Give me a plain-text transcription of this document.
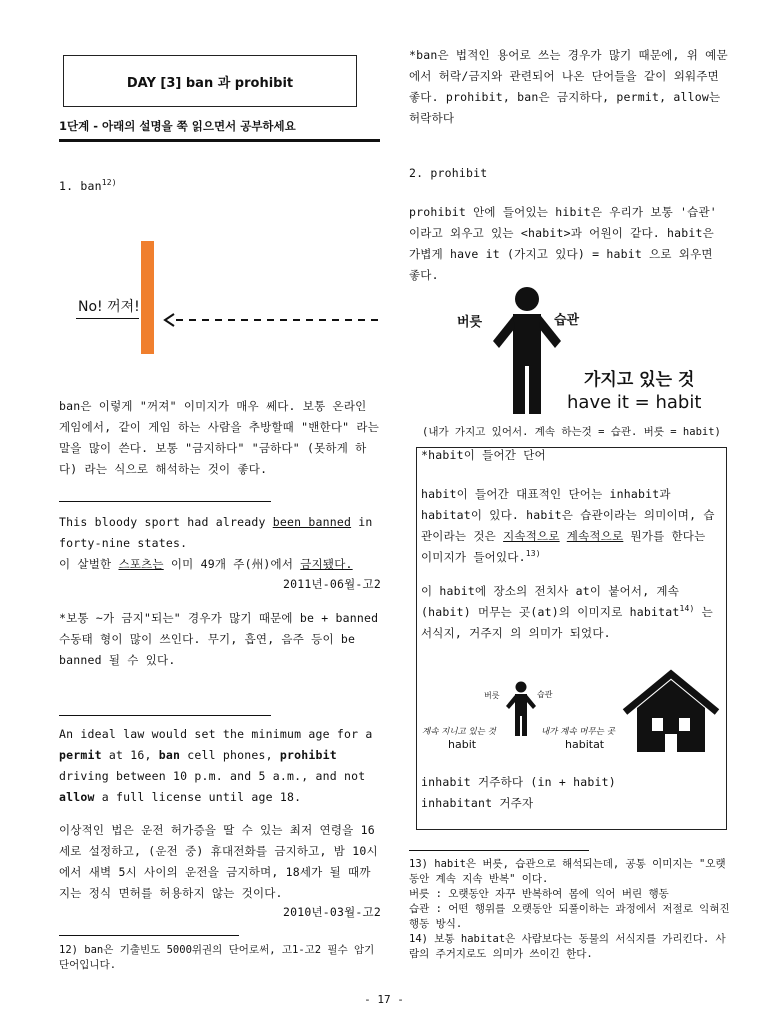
DAY [3] ban 과 prohibit
1단계 - 아래의 설명을 쭉 읽으면서 공부하세요
1. ban$^{12)}$
No! 꺼져!
ban은 이렇게 "꺼져" 이미지가 매우 쎄다. 보통 온라인 게임에서, 같이 게임 하는 사람을 추방할때 "밴한다" 라는 말을 많이 쓴다. 보통 "금지하다" "금하다" (못하게 하다) 라는 식으로 해석하는 것이 좋다.
This bloody sport had already been banned in forty-nine states.
이 살벌한 스포츠는 이미 49개 주(州)에서 금지됐다.
2011년-06월-고2
*보통 ~가 금지"되는" 경우가 많기 때문에 be + banned 수동태 형이 많이 쓰인다. 무기, 흡연, 음주 등이 be banned 될 수 있다.
An ideal law would set the minimum age for a permit at 16, ban cell phones, prohibit driving between 10 p.m. and 5 a.m., and not allow a full license until age 18.
이상적인 법은 운전 허가증을 딸 수 있는 최저 연령을 16세로 설정하고, (운전 중) 휴대전화를 금지하고, 밤 10시에서 새벽 5시 사이의 운전을 금지하며, 18세가 될 때까지는 정식 면허를 허용하지 않는 것이다.
2010년-03월-고2
12) ban은 기출빈도 5000위권의 단어로써, 고1-고2 필수 암기 단어입니다.
*ban은 법적인 용어로 쓰는 경우가 많기 때문에, 위 예문에서 허락/금지와 관련되어 나온 단어들을 같이 외워주면 좋다. prohibit, ban은 금지하다, permit, allow는 허락하다
2. prohibit
prohibit 안에 들어있는 hibit은 우리가 보통 '습관' 이라고 외우고 있는 <habit>과 어원이 같다. habit은 가볍게 have it (가지고 있다) = habit 으로 외우면 좋다.
버릇	습관
가지고 있는 것
have it = habit
(내가 가지고 있어서. 계속 하는것 = 습관. 버릇 = habit)
*habit이 들어간 단어
habit이 들어간 대표적인 단어는 inhabit과 habitat이 있다. habit은 습관이라는 의미이며, 습관이라는 것은 지속적으로 계속적으로 뭔가를 한다는 이미지가 들어있다.$^{13)}$
이 habit에 장소의 전치사 at이 붙어서, 계속(habit) 머무는 곳(at)의 이미지로 habitat$^{14)}$ 는 서식지, 거주지 의 의미가 되었다.
버릇	습관
계속 지니고 있는 것
habit
내가 계속 머무는 곳
habitat
inhabit 거주하다 (in + habit)
inhabitant 거주자
13) habit은 버릇, 습관으로 해석되는데, 공통 이미지는 "오랫동안 계속 지속 반복" 이다.
버릇 : 오랫동안 자꾸 반복하여 몸에 익어 버린 행동
습관 : 어떤 행위를 오랫동안 되풀이하는 과정에서 저절로 익혀진 행동 방식.
14) 보통 habitat은 사람보다는 동물의 서식지를 가리킨다. 사람의 주거지로도 의미가 쓰이긴 한다.
- 17 -
